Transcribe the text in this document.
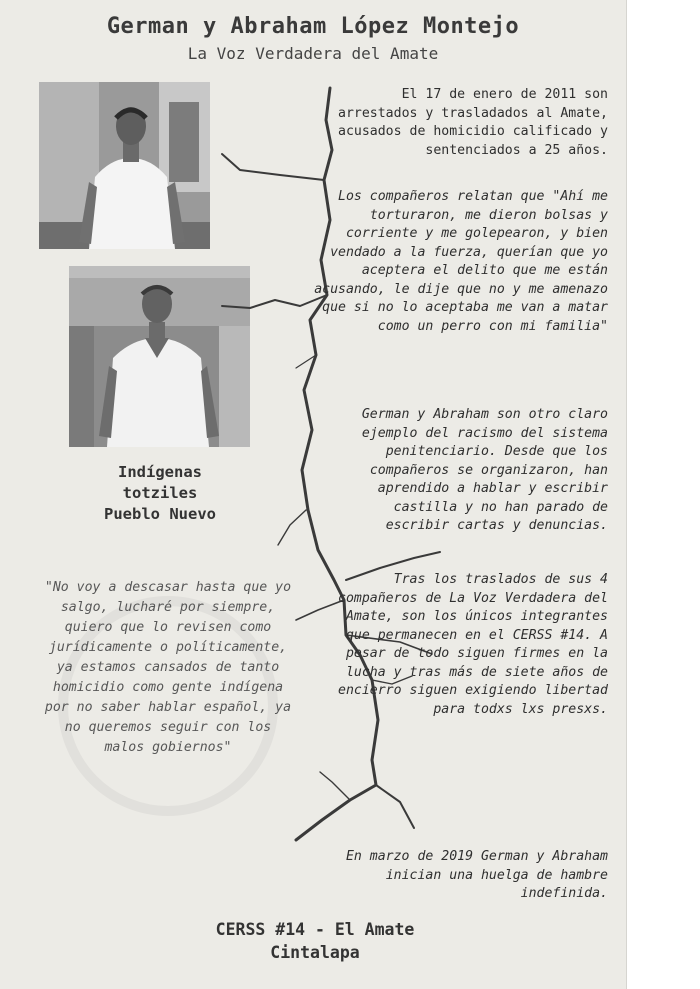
German y Abraham López Montejo
La Voz Verdadera del Amate
Indígenas
totziles
Pueblo Nuevo
"No voy a descasar hasta que yo salgo, lucharé por siempre, quiero que lo revisen como jurídicamente o políticamente, ya estamos cansados de tanto homicidio como gente indígena por no saber hablar español, ya no queremos seguir con los malos gobiernos"
El 17 de enero de 2011 son arrestados y trasladados al Amate, acusados de homicidio calificado y sentenciados a 25 años.
Los compañeros relatan que "Ahí me torturaron, me dieron bolsas y corriente y me golepearon, y bien vendado a la fuerza, querían que yo aceptera el delito que me están acusando, le dije que no y me amenazo que si no lo aceptaba me van a matar como un perro con mi familia"
German y Abraham son otro claro ejemplo del racismo del sistema penitenciario. Desde que los compañeros se organizaron, han aprendido a hablar y escribir castilla y no han parado de escribir cartas y denuncias.
Tras los traslados de sus 4 compañeros de La Voz Verdadera del Amate, son los únicos integrantes que permanecen en el CERSS #14. A pesar de todo siguen firmes en la lucha y tras más de siete años de encierro siguen exigiendo libertad para todxs lxs presxs.
En marzo de 2019 German y Abraham inician una huelga de hambre indefinida.
CERSS #14 - El Amate
Cintalapa
